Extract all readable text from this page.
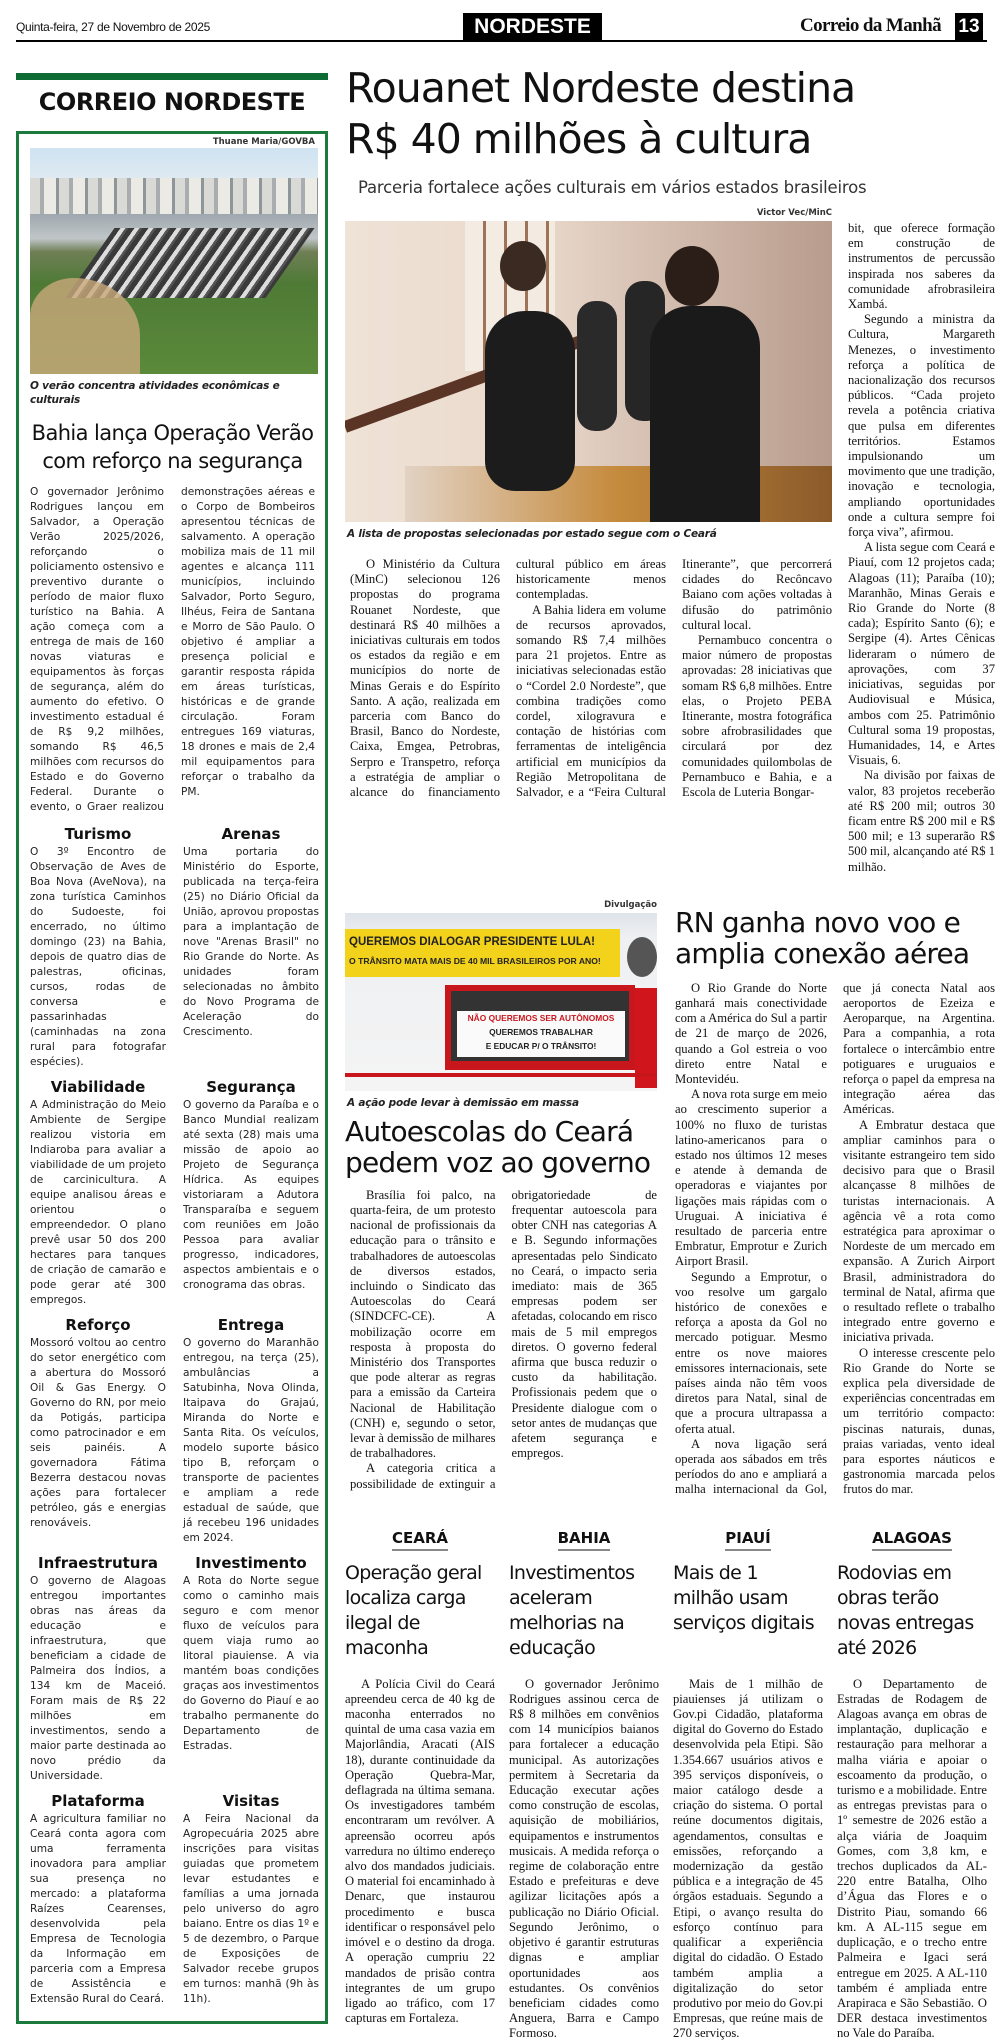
Quinta-feira, 27 de Novembro de 2025	NORDESTE	Correio da Manhã 13
CORREIO NORDESTE
Thuane Maria/GOVBA
O verão concentra atividades econômicas e culturais
Bahia lança Operação Verão com reforço na segurança
O governador Jerônimo Rodrigues lançou em Salvador, a Operação Verão 2025/2026, reforçando o policiamento ostensivo e preventivo durante o período de maior fluxo turístico na Bahia. A ação começa com a entrega de mais de 160 novas viaturas e equipamentos às forças de segurança, além do aumento do efetivo. O investimento estadual é de R$ 9,2 milhões, somando R$ 46,5 milhões com recursos do Estado e do Governo Federal. Durante o evento, o Graer realizou demonstrações aéreas e o Corpo de Bombeiros apresentou técnicas de salvamento. A operação mobiliza mais de 11 mil agentes e alcança 111 municípios, incluindo Salvador, Porto Seguro, Ilhéus, Feira de Santana e Morro de São Paulo. O objetivo é ampliar a presença policial e garantir resposta rápida em áreas turísticas, históricas e de grande circulação. Foram entregues 169 viaturas, 18 drones e mais de 2,4 mil equipamentos para reforçar o trabalho da PM.
Turismo

O 3º Encontro de Observação de Aves de Boa Nova (AveNova), na zona turística Caminhos do Sudoeste, foi encerrado, no último domingo (23) na Bahia, depois de quatro dias de palestras, oficinas, cursos, rodas de conversa e passarinhadas (caminhadas na zona rural para fotografar espécies).

Arenas

Uma portaria do Ministério do Esporte, publicada na terça-feira (25) no Diário Oficial da União, aprovou propostas para a implantação de nove "Arenas Brasil" no Rio Grande do Norte. As unidades foram selecionadas no âmbito do Novo Programa de Aceleração do Crescimento.

Viabilidade

A Administração do Meio Ambiente de Sergipe realizou vistoria em Indiaroba para avaliar a viabilidade de um projeto de carcinicultura. A equipe analisou áreas e orientou o empreendedor. O plano prevê usar 50 dos 200 hectares para tanques de criação de camarão e pode gerar até 300 empregos.

Segurança

O governo da Paraíba e o Banco Mundial realizam até sexta (28) mais uma missão de apoio ao Projeto de Segurança Hídrica. As equipes vistoriaram a Adutora Transparaíba e seguem com reuniões em João Pessoa para avaliar progresso, indicadores, aspectos ambientais e o cronograma das obras.

Reforço

Mossoró voltou ao centro do setor energético com a abertura do Mossoró Oil & Gas Energy. O Governo do RN, por meio da Potigás, participa como patrocinador e em seis painéis. A governadora Fátima Bezerra destacou novas ações para fortalecer petróleo, gás e energias renováveis.

Entrega

O governo do Maranhão entregou, na terça (25), ambulâncias a Satubinha, Nova Olinda, Itaipava do Grajaú, Miranda do Norte e Santa Rita. Os veículos, modelo suporte básico tipo B, reforçam o transporte de pacientes e ampliam a rede estadual de saúde, que já recebeu 196 unidades em 2024.

Infraestrutura

O governo de Alagoas entregou importantes obras nas áreas da educação e infraestrutura, que beneficiam a cidade de Palmeira dos Índios, a 134 km de Maceió. Foram mais de R$ 22 milhões em investimentos, sendo a maior parte destinada ao novo prédio da Universidade.

Investimento

A Rota do Norte segue como o caminho mais seguro e com menor fluxo de veículos para quem viaja rumo ao litoral piauiense. A via mantém boas condições graças aos investimentos do Governo do Piauí e ao trabalho permanente do Departamento de Estradas.

Plataforma

A agricultura familiar no Ceará conta agora com uma ferramenta inovadora para ampliar sua presença no mercado: a plataforma Raízes Cearenses, desenvolvida pela Empresa de Tecnologia da Informação em parceria com a Empresa de Assistência e Extensão Rural do Ceará.

Visitas

A Feira Nacional da Agropecuária 2025 abre inscrições para visitas guiadas que prometem levar estudantes e famílias a uma jornada pelo universo do agro baiano. Entre os dias 1º e 5 de dezembro, o Parque de Exposições de Salvador recebe grupos em turnos: manhã (9h às 11h).

Rouanet Nordeste destina
R$ 40 milhões à cultura
Parceria fortalece ações culturais em vários estados brasileiros
Victor Vec/MinC
A lista de propostas selecionadas por estado segue com o Ceará

O Ministério da Cultura (MinC) selecionou 126 propostas do programa Rouanet Nordeste, que destinará R$ 40 milhões a iniciativas culturais em todos os estados da região e em municípios do norte de Minas Gerais e do Espírito Santo. A ação, realizada em parceria com Banco do Brasil, Banco do Nordeste, Caixa, Emgea, Petrobras, Serpro e Transpetro, reforça a estratégia de ampliar o alcance do financiamento cultural público em áreas historicamente menos contempladas.

A Bahia lidera em volume de recursos aprovados, somando R$ 7,4 milhões para 21 projetos. Entre as iniciativas selecionadas estão o “Cordel 2.0 Nordeste”, que combina tradições como cordel, xilogravura e contação de histórias com ferramentas de inteligência artificial em municípios da Região Metropolitana de Salvador, e a “Feira Cultural Itinerante”, que percorrerá cidades do Recôncavo Baiano com ações voltadas à difusão do patrimônio cultural local.

Pernambuco concentra o maior número de propostas aprovadas: 28 iniciativas que somam R$ 6,8 milhões. Entre elas, o Projeto PEBA Itinerante, mostra fotográfica sobre afrobrasilidades que circulará por dez comunidades quilombolas de Pernambuco e Bahia, e a Escola de Luteria Bongar-

bit, que oferece formação em construção de instrumentos de percussão inspirada nos saberes da comunidade afrobrasileira Xambá.

Segundo a ministra da Cultura, Margareth Menezes, o investimento reforça a política de nacionalização dos recursos públicos. “Cada projeto revela a potência criativa que pulsa em diferentes territórios. Estamos impulsionando um movimento que une tradição, inovação e tecnologia, ampliando oportunidades onde a cultura sempre foi força viva”, afirmou.

A lista segue com Ceará e Piauí, com 12 projetos cada; Alagoas (11); Paraíba (10); Maranhão, Minas Gerais e Rio Grande do Norte (8 cada); Espírito Santo (6); e Sergipe (4). Artes Cênicas lideraram o número de aprovações, com 37 iniciativas, seguidas por Audiovisual e Música, ambos com 25. Patrimônio Cultural soma 19 propostas, Humanidades, 14, e Artes Visuais, 6.

Na divisão por faixas de valor, 83 projetos receberão até R$ 200 mil; outros 30 ficam entre R$ 200 mil e R$ 500 mil; e 13 superarão R$ 500 mil, alcançando até R$ 1 milhão.

Divulgação
QUEREMOS DIALOGAR PRESIDENTE LULA!
O TRÂNSITO MATA MAIS DE 40 MIL BRASILEIROS POR ANO!
NÃO QUEREMOS SER AUTÔNOMOS
QUEREMOS TRABALHAR
E EDUCAR P/ O TRÂNSITO!
A ação pode levar à demissão em massa
Autoescolas do Ceará pedem voz ao governo

Brasília foi palco, na quarta-feira, de um protesto nacional de profissionais da educação para o trânsito e trabalhadores de autoescolas de diversos estados, incluindo o Sindicato das Autoescolas do Ceará (SINDCFC-CE). A mobilização ocorre em resposta à proposta do Ministério dos Transportes que pode alterar as regras para a emissão da Carteira Nacional de Habilitação (CNH) e, segundo o setor, levar à demissão de milhares de trabalhadores.

A categoria critica a possibilidade de extinguir a obrigatoriedade de frequentar autoescola para obter CNH nas categorias A e B. Segundo informações apresentadas pelo Sindicato no Ceará, o impacto seria imediato: mais de 365 empresas podem ser afetadas, colocando em risco mais de 5 mil empregos diretos. O governo federal afirma que busca reduzir o custo da habilitação. Profissionais pedem que o Presidente dialogue com o setor antes de mudanças que afetem segurança e empregos.

RN ganha novo voo e amplia conexão aérea

O Rio Grande do Norte ganhará mais conectividade com a América do Sul a partir de 21 de março de 2026, quando a Gol estreia o voo direto entre Natal e Montevidéu.

A nova rota surge em meio ao crescimento superior a 100% no fluxo de turistas latino-americanos para o estado nos últimos 12 meses e atende à demanda de operadoras e viajantes por ligações mais rápidas com o Uruguai. A iniciativa é resultado de parceria entre Embratur, Emprotur e Zurich Airport Brasil.

Segundo a Emprotur, o voo resolve um gargalo histórico de conexões e reforça a aposta da Gol no mercado potiguar. Mesmo entre os nove maiores emissores internacionais, sete países ainda não têm voos diretos para Natal, sinal de que a procura ultrapassa a oferta atual.

A nova ligação será operada aos sábados em três períodos do ano e ampliará a malha internacional da Gol, que já conecta Natal aos aeroportos de Ezeiza e Aeroparque, na Argentina. Para a companhia, a rota fortalece o intercâmbio entre potiguares e uruguaios e reforça o papel da empresa na integração aérea das Américas.

A Embratur destaca que ampliar caminhos para o visitante estrangeiro tem sido decisivo para que o Brasil alcançasse 8 milhões de turistas internacionais. A agência vê a rota como estratégica para aproximar o Nordeste de um mercado em expansão. A Zurich Airport Brasil, administradora do terminal de Natal, afirma que o resultado reflete o trabalho integrado entre governo e iniciativa privada.

O interesse crescente pelo Rio Grande do Norte se explica pela diversidade de experiências concentradas em um território compacto: piscinas naturais, dunas, praias variadas, vento ideal para esportes náuticos e gastronomia marcada pelos frutos do mar.

CEARÁ
Operação geral localiza carga ilegal de maconha

A Polícia Civil do Ceará apreendeu cerca de 40 kg de maconha enterrados no quintal de uma casa vazia em Majorlândia, Aracati (AIS 18), durante continuidade da Operação Quebra-Mar, deflagrada na última semana. Os investigadores também encontraram um revólver. A apreensão ocorreu após varredura no último endereço alvo dos mandados judiciais. O material foi encaminhado à Denarc, que instaurou procedimento e busca identificar o responsável pelo imóvel e o destino da droga. A operação cumpriu 22 mandados de prisão contra integrantes de um grupo ligado ao tráfico, com 17 capturas em Fortaleza.

BAHIA
Investimentos aceleram melhorias na educação

O governador Jerônimo Rodrigues assinou cerca de R$ 8 milhões em convênios com 14 municípios baianos para fortalecer a educação municipal. As autorizações permitem à Secretaria da Educação executar ações como construção de escolas, aquisição de mobiliários, equipamentos e instrumentos musicais. A medida reforça o regime de colaboração entre Estado e prefeituras e deve agilizar licitações após a publicação no Diário Oficial. Segundo Jerônimo, o objetivo é garantir estruturas dignas e ampliar oportunidades aos estudantes. Os convênios beneficiam cidades como Anguera, Barra e Campo Formoso.

PIAUÍ
Mais de 1 milhão usam serviços digitais

Mais de 1 milhão de piauienses já utilizam o Gov.pi Cidadão, plataforma digital do Governo do Estado desenvolvida pela Etipi. São 1.354.667 usuários ativos e 395 serviços disponíveis, o maior catálogo desde a criação do sistema. O portal reúne documentos digitais, agendamentos, consultas e emissões, reforçando a modernização da gestão pública e a integração de 45 órgãos estaduais. Segundo a Etipi, o avanço resulta do esforço contínuo para qualificar a experiência digital do cidadão. O Estado também amplia a digitalização do setor produtivo por meio do Gov.pi Empresas, que reúne mais de 270 serviços.

ALAGOAS
Rodovias em obras terão novas entregas até 2026

O Departamento de Estradas de Rodagem de Alagoas avança em obras de implantação, duplicação e restauração para melhorar a malha viária e apoiar o escoamento da produção, o turismo e a mobilidade. Entre as entregas previstas para o 1º semestre de 2026 estão a alça viária de Joaquim Gomes, com 3,8 km, e trechos duplicados da AL-220 entre Batalha, Olho d’Água das Flores e o Distrito Piau, somando 66 km. A AL-115 segue em duplicação, e o trecho entre Palmeira e Igaci será entregue em 2025. A AL-110 também é ampliada entre Arapiraca e São Sebastião. O DER destaca investimentos no Vale do Paraíba.
